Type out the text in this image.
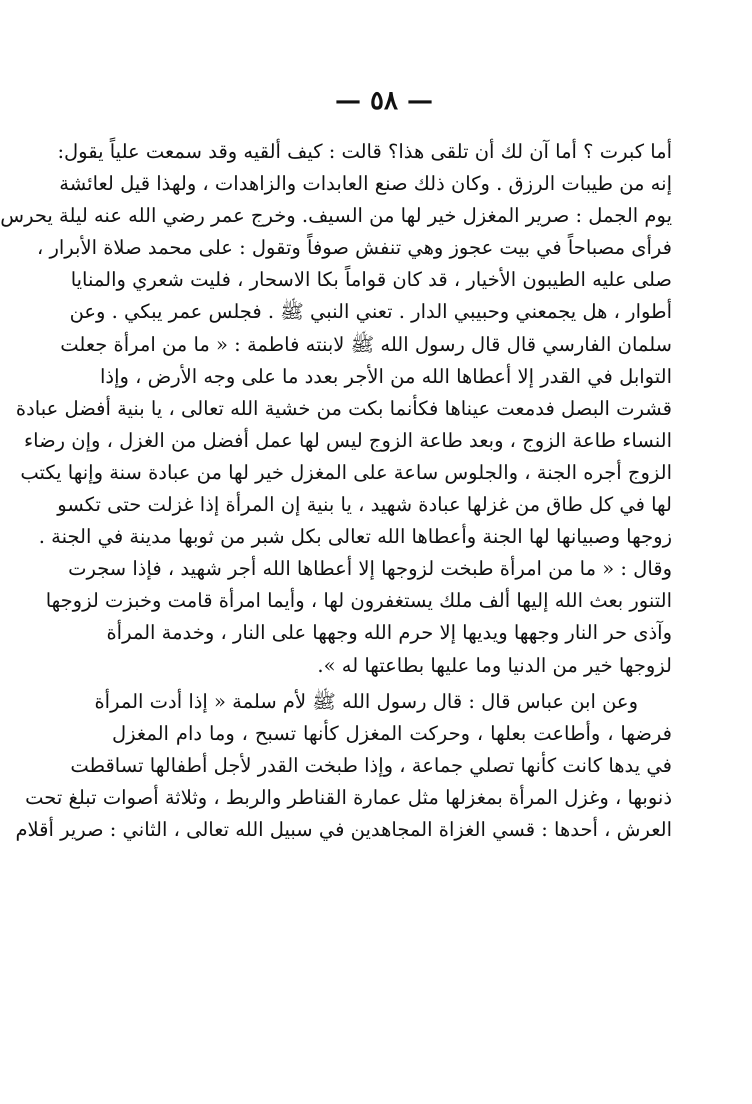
— ٥٨ —
أما كبرت ؟ أما آن لك أن تلقى هذا؟ قالت : كيف ألقيه وقد سمعت علياً يقول:
إنه من طيبات الرزق . وكان ذلك صنع العابدات والزاهدات ، ولهذا قيل لعائشة
يوم الجمل : صرير المغزل خير لها من السيف. وخرج عمر رضي الله عنه ليلة يحرس
فرأى مصباحاً في بيت عجوز وهي تنفش صوفاً وتقول : على محمد صلاة الأبرار ،
صلى عليه الطيبون الأخيار ، قد كان قواماً بكا الاسحار ، فليت شعري والمنايا
أطوار ، هل يجمعني وحبيبي الدار . تعني النبي ﷺ . فجلس عمر يبكي . وعن
سلمان الفارسي قال قال رسول الله ﷺ لابنته فاطمة : « ما من امرأة جعلت
التوابل في القدر إلا أعطاها الله من الأجر بعدد ما على وجه الأرض ، وإذا
قشرت البصل فدمعت عيناها فكأنما بكت من خشية الله تعالى ، يا بنية أفضل عبادة
النساء طاعة الزوج ، وبعد طاعة الزوج ليس لها عمل أفضل من الغزل ، وإن رضاء
الزوج أجره الجنة ، والجلوس ساعة على المغزل خير لها من عبادة سنة وإنها يكتب
لها في كل طاق من غزلها عبادة شهيد ، يا بنية إن المرأة إذا غزلت حتى تكسو
زوجها وصبيانها لها الجنة وأعطاها الله تعالى بكل شبر من ثوبها مدينة في الجنة .
وقال : « ما من امرأة طبخت لزوجها إلا أعطاها الله أجر شهيد ، فإذا سجرت
التنور بعث الله إليها ألف ملك يستغفرون لها ، وأيما امرأة قامت وخبزت لزوجها
وآذى حر النار وجهها ويديها إلا حرم الله وجهها على النار ، وخدمة المرأة
لزوجها خير من الدنيا وما عليها بطاعتها له ».
وعن ابن عباس قال : قال رسول الله ﷺ لأم سلمة « إذا أدت المرأة
فرضها ، وأطاعت بعلها ، وحركت المغزل كأنها تسبح ، وما دام المغزل
في يدها كانت كأنها تصلي جماعة ، وإذا طبخت القدر لأجل أطفالها تساقطت
ذنوبها ، وغزل المرأة بمغزلها مثل عمارة القناطر والربط ، وثلاثة أصوات تبلغ تحت
العرش ، أحدها : قسي الغزاة المجاهدين في سبيل الله تعالى ، الثاني : صرير أقلام
